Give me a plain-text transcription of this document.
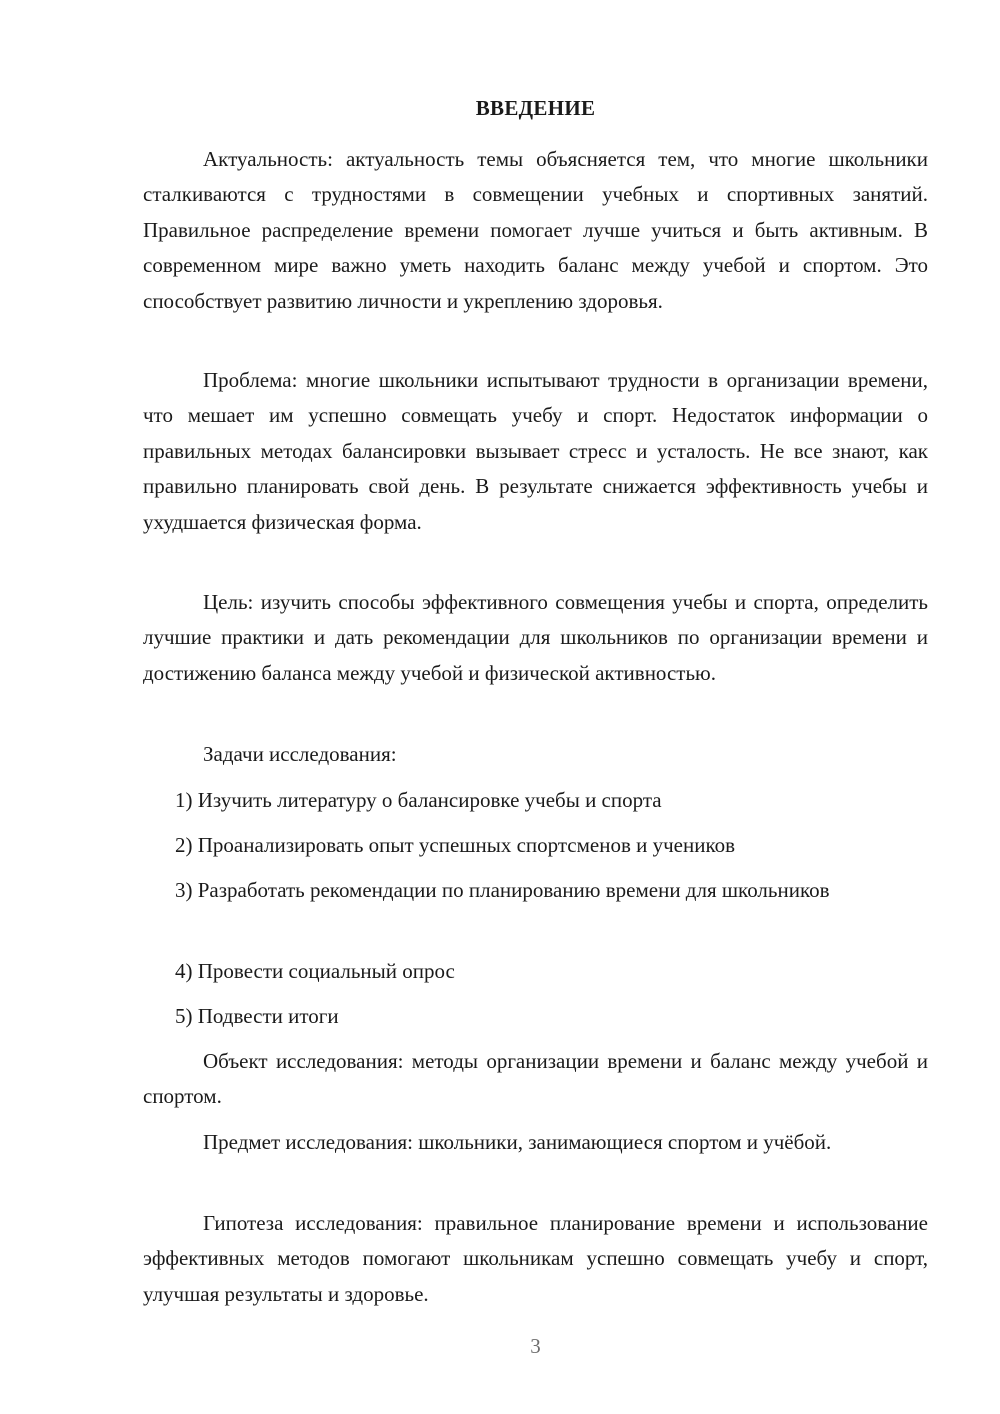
ВВЕДЕНИЕ

Актуальность: актуальность темы объясняется тем, что многие школьники сталкиваются с трудностями в совмещении учебных и спортивных занятий. Правильное распределение времени помогает лучше учиться и быть активным. В современном мире важно уметь находить баланс между учебой и спортом. Это способствует развитию личности и укреплению здоровья.

Проблема: многие школьники испытывают трудности в организации времени, что мешает им успешно совмещать учебу и спорт. Недостаток информации о правильных методах балансировки вызывает стресс и усталость. Не все знают, как правильно планировать свой день. В результате снижается эффективность учебы и ухудшается физическая форма.

Цель: изучить способы эффективного совмещения учебы и спорта, определить лучшие практики и дать рекомендации для школьников по организации времени и достижению баланса между учебой и физической активностью.

Задачи исследования:

1) Изучить литературу о балансировке учебы и спорта

2) Проанализировать опыт успешных спортсменов и учеников

3) Разработать рекомендации по планированию времени для школьников

4) Провести социальный опрос

5) Подвести итоги

Объект исследования: методы организации времени и баланс между учебой и спортом.

Предмет исследования: школьники, занимающиеся спортом и учёбой.

Гипотеза исследования: правильное планирование времени и использование эффективных методов помогают школьникам успешно совмещать учебу и спорт, улучшая результаты и здоровье.

3
